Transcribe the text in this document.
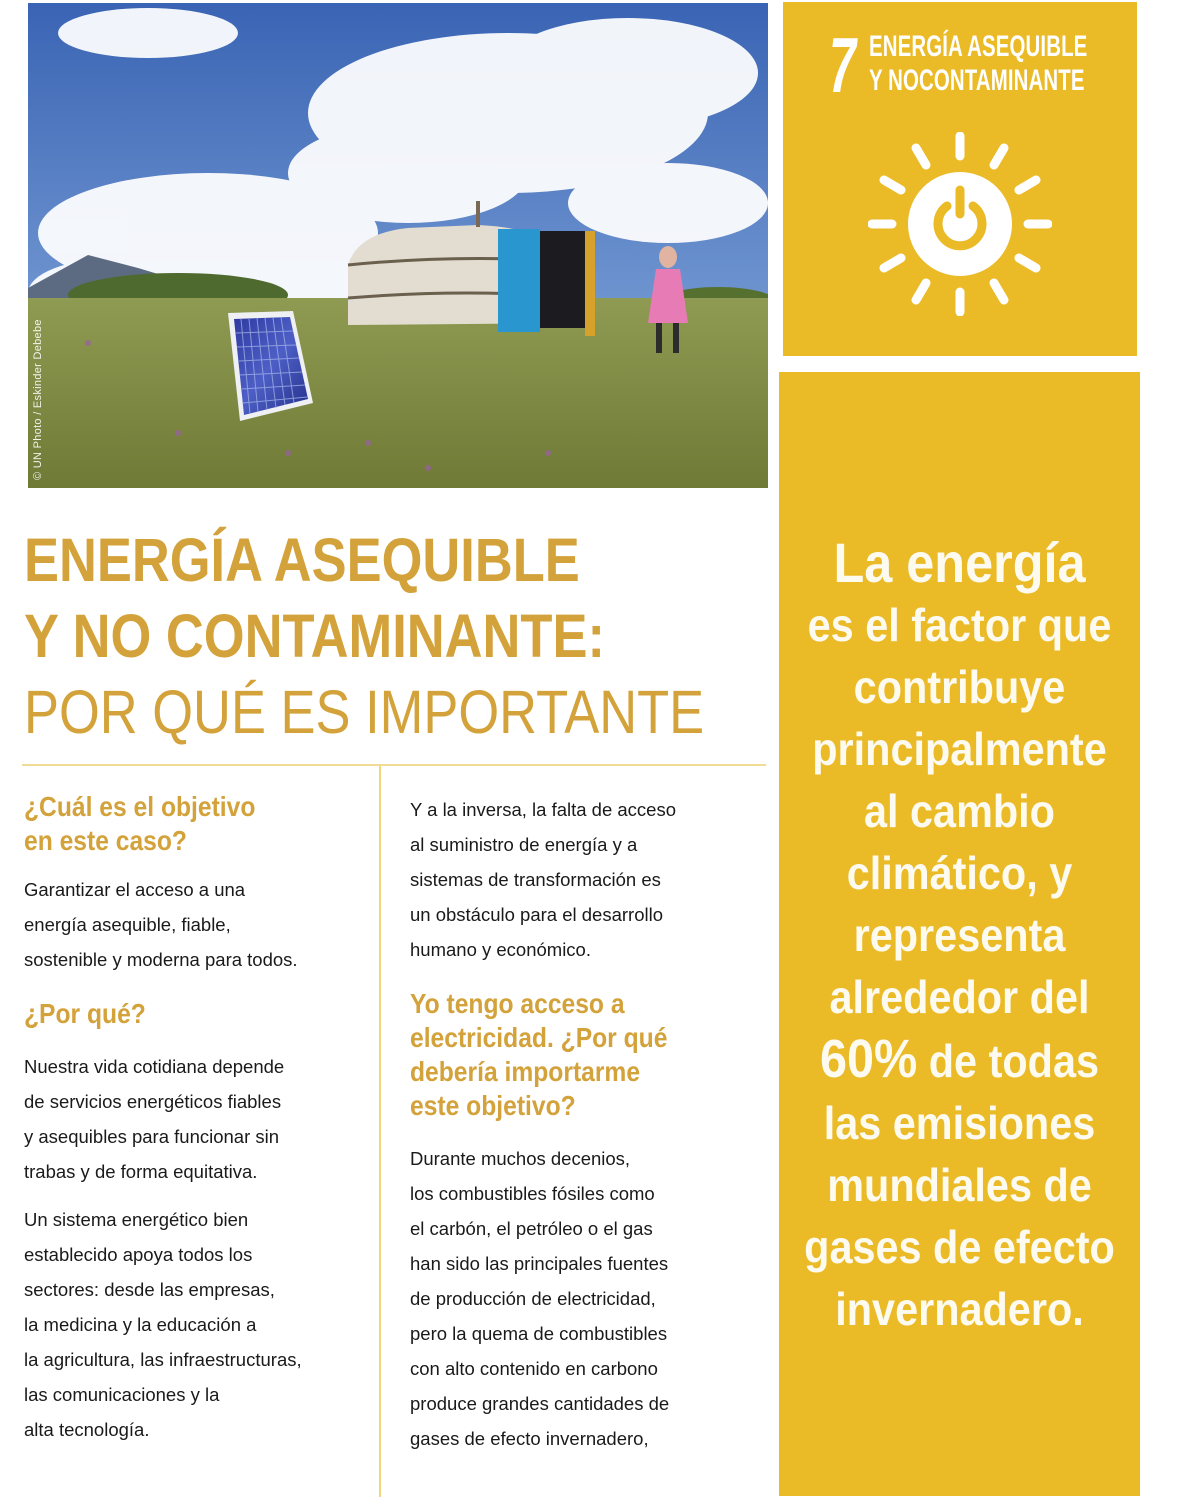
© UN Photo / Eskinder Debebe
7 ENERGÍA ASEQUIBLE
Y NOCONTAMINANTE
ENERGÍA ASEQUIBLE
Y NO CONTAMINANTE:
POR QUÉ ES IMPORTANTE
¿Cuál es el objetivo
en este caso?

Garantizar el acceso a una
energía asequible, fiable,
sostenible y moderna para todos.

¿Por qué?

Nuestra vida cotidiana depende
de servicios energéticos fiables
y asequibles para funcionar sin
trabas y de forma equitativa.

Un sistema energético bien
establecido apoya todos los
sectores: desde las empresas,
la medicina y la educación a
la agricultura, las infraestructuras,
las comunicaciones y la
alta tecnología.

Y a la inversa, la falta de acceso
al suministro de energía y a
sistemas de transformación es
un obstáculo para el desarrollo
humano y económico.

Yo tengo acceso a
electricidad. ¿Por qué
debería importarme
este objetivo?

Durante muchos decenios,
los combustibles fósiles como
el carbón, el petróleo o el gas
han sido las principales fuentes
de producción de electricidad,
pero la quema de combustibles
con alto contenido en carbono
produce grandes cantidades de
gases de efecto invernadero,

La energía
es el factor que
contribuye
principalmente
al cambio
climático, y
representa
alrededor del
60% de todas
las emisiones
mundiales de
gases de efecto
invernadero.
